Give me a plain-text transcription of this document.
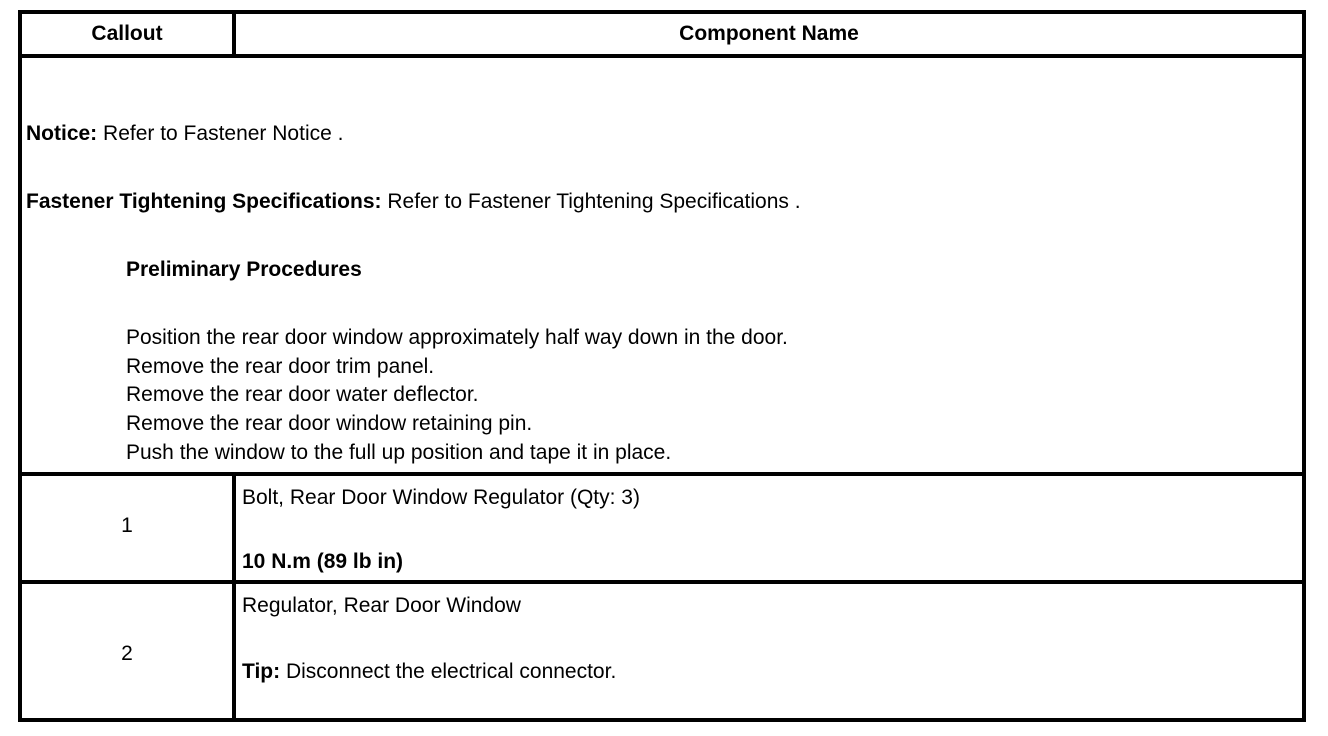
Callout	Component Name
Notice: Refer to Fastener Notice .
Fastener Tightening Specifications: Refer to Fastener Tightening Specifications .
Preliminary Procedures
Position the rear door window approximately half way down in the door.
Remove the rear door trim panel.
Remove the rear door water deflector.
Remove the rear door window retaining pin.
Push the window to the full up position and tape it in place.
1
Bolt, Rear Door Window Regulator (Qty: 3)
10 N.m (89 lb in)
2
Regulator, Rear Door Window
Tip: Disconnect the electrical connector.
